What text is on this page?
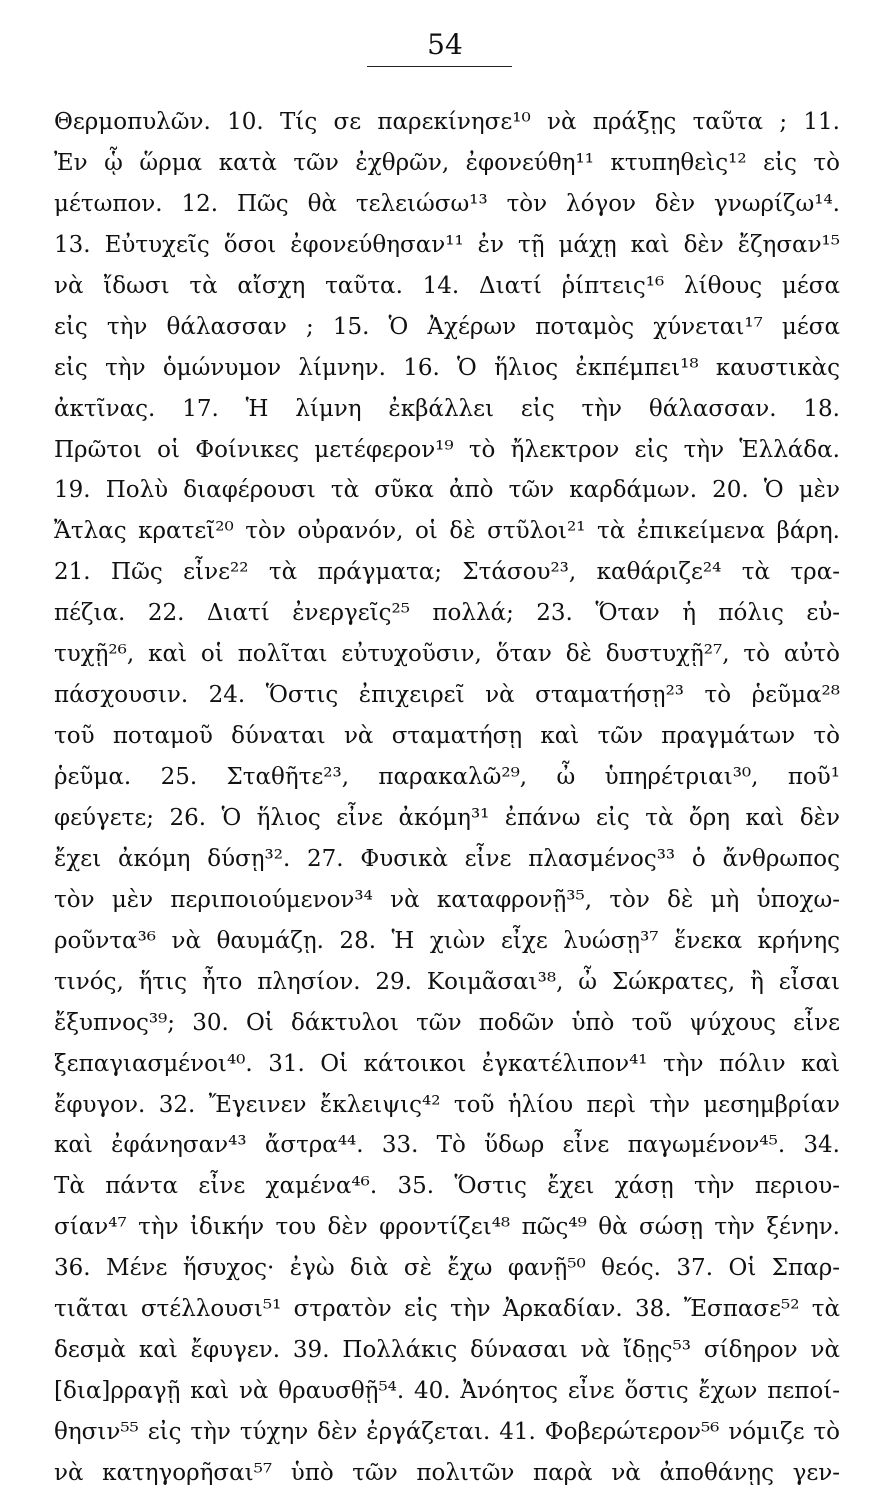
54
Θερμοπυλῶν. 10. Τίς σε παρεκίνησε¹⁰ νὰ πράξῃς ταῦτα ; 11.
Ἐν ᾧ ὥρμα κατὰ τῶν ἐχθρῶν, ἐφονεύθη¹¹ κτυπηθεὶς¹² εἰς τὸ
μέτωπον. 12. Πῶς θὰ τελειώσω¹³ τὸν λόγον δὲν γνωρίζω¹⁴.
13. Εὐτυχεῖς ὅσοι ἐφονεύθησαν¹¹ ἐν τῇ μάχῃ καὶ δὲν ἔζησαν¹⁵
νὰ ἴδωσι τὰ αἴσχη ταῦτα. 14. Διατί ῥίπτεις¹⁶ λίθους μέσα
εἰς τὴν θάλασσαν ; 15. Ὁ Ἀχέρων ποταμὸς χύνεται¹⁷ μέσα
εἰς τὴν ὁμώνυμον λίμνην. 16. Ὁ ἥλιος ἐκπέμπει¹⁸ καυστικὰς
ἀκτῖνας. 17. Ἡ λίμνη ἐκβάλλει εἰς τὴν θάλασσαν. 18.
Πρῶτοι οἱ Φοίνικες μετέφερον¹⁹ τὸ ἤλεκτρον εἰς τὴν Ἑλλάδα.
19. Πολὺ διαφέρουσι τὰ σῦκα ἀπὸ τῶν καρδάμων. 20. Ὁ μὲν
Ἄτλας κρατεῖ²⁰ τὸν οὐρανόν, οἱ δὲ στῦλοι²¹ τὰ ἐπικείμενα βάρη.
21. Πῶς εἶνε²² τὰ πράγματα; Στάσου²³, καθάριζε²⁴ τὰ τρα-
πέζια. 22. Διατί ἐνεργεῖς²⁵ πολλά; 23. Ὅταν ἡ πόλις εὐ-
τυχῇ²⁶, καὶ οἱ πολῖται εὐτυχοῦσιν, ὅταν δὲ δυστυχῇ²⁷, τὸ αὐτὸ
πάσχουσιν. 24. Ὅστις ἐπιχειρεῖ νὰ σταματήσῃ²³ τὸ ῥεῦμα²⁸
τοῦ ποταμοῦ δύναται νὰ σταματήσῃ καὶ τῶν πραγμάτων τὸ
ῥεῦμα. 25. Σταθῆτε²³, παρακαλῶ²⁹, ὦ ὑπηρέτριαι³⁰, ποῦ¹
φεύγετε; 26. Ὁ ἥλιος εἶνε ἀκόμη³¹ ἐπάνω εἰς τὰ ὄρη καὶ δὲν
ἔχει ἀκόμη δύσῃ³². 27. Φυσικὰ εἶνε πλασμένος³³ ὁ ἄνθρωπος
τὸν μὲν περιποιούμενον³⁴ νὰ καταφρονῇ³⁵, τὸν δὲ μὴ ὑποχω-
ροῦντα³⁶ νὰ θαυμάζῃ. 28. Ἡ χιὼν εἶχε λυώσῃ³⁷ ἕνεκα κρήνης
τινός, ἥτις ἦτο πλησίον. 29. Κοιμᾶσαι³⁸, ὦ Σώκρατες, ἢ εἶσαι
ἔξυπνος³⁹; 30. Οἱ δάκτυλοι τῶν ποδῶν ὑπὸ τοῦ ψύχους εἶνε
ξεπαγιασμένοι⁴⁰. 31. Οἱ κάτοικοι ἐγκατέλιπον⁴¹ τὴν πόλιν καὶ
ἔφυγον. 32. Ἔγεινεν ἔκλειψις⁴² τοῦ ἡλίου περὶ τὴν μεσημβρίαν
καὶ ἐφάνησαν⁴³ ἄστρα⁴⁴. 33. Τὸ ὕδωρ εἶνε παγωμένον⁴⁵. 34.
Τὰ πάντα εἶνε χαμένα⁴⁶. 35. Ὅστις ἔχει χάσῃ τὴν περιου-
σίαν⁴⁷ τὴν ἰδικήν του δὲν φροντίζει⁴⁸ πῶς⁴⁹ θὰ σώσῃ τὴν ξένην.
36. Μένε ἥσυχος· ἐγὼ διὰ σὲ ἔχω φανῇ⁵⁰ θεός. 37. Οἱ Σπαρ-
τιᾶται στέλλουσι⁵¹ στρατὸν εἰς τὴν Ἀρκαδίαν. 38. Ἔσπασε⁵² τὰ
δεσμὰ καὶ ἔφυγεν. 39. Πολλάκις δύνασαι νὰ ἴδῃς⁵³ σίδηρον νὰ
[δια]ρραγῇ καὶ νὰ θραυσθῇ⁵⁴. 40. Ἀνόητος εἶνε ὅστις ἔχων πεποί-
θησιν⁵⁵ εἰς τὴν τύχην δὲν ἐργάζεται. 41. Φοβερώτερον⁵⁶ νόμιζε τὸ
νὰ κατηγορῆσαι⁵⁷ ὑπὸ τῶν πολιτῶν παρὰ νὰ ἀποθάνῃς γεν-
